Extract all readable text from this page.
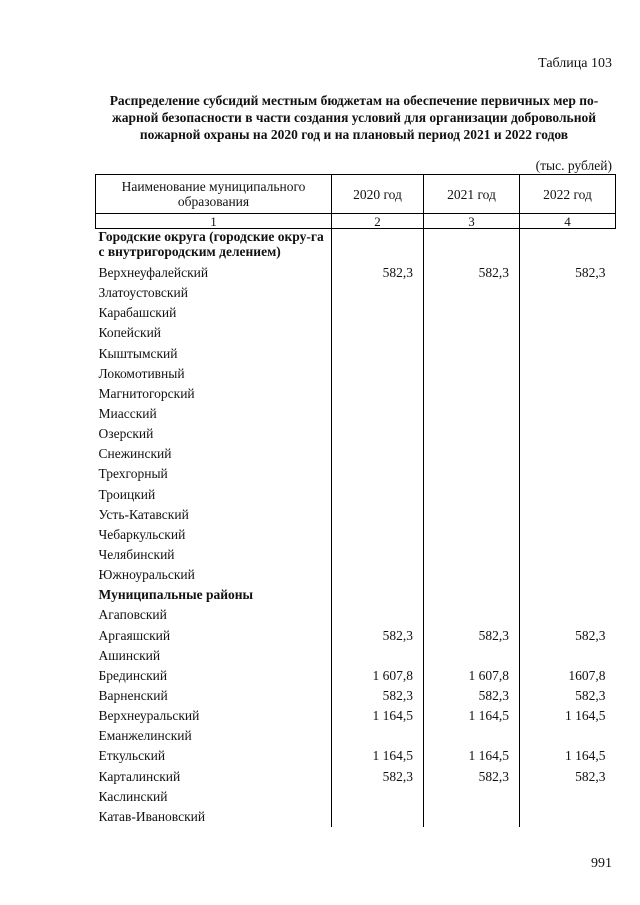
Таблица 103
Распределение субсидий местным бюджетам на обеспечение первичных мер по-жарной безопасности в части создания условий для организации добровольной пожарной охраны на 2020 год и на плановый период 2021 и 2022 годов
(тыс. рублей)
Наименование муниципального образования	2020 год	2021 год	2022 год
1	2	3	4
Городские округа (городские окру-га с внутригородским делением)			
Верхнеуфалейский	582,3	582,3	582,3
Златоустовский			
Карабашский			
Копейский			
Кыштымский			
Локомотивный			
Магнитогорский			
Миасский			
Озерский			
Снежинский			
Трехгорный			
Троицкий			
Усть-Катавский			
Чебаркульский			
Челябинский			
Южноуральский			
Муниципальные районы			
Агаповский			
Аргаяшский	582,3	582,3	582,3
Ашинский			
Брединский	1 607,8	1 607,8	1607,8
Варненский	582,3	582,3	582,3
Верхнеуральский	1 164,5	1 164,5	1 164,5
Еманжелинский			
Еткульский	1 164,5	1 164,5	1 164,5
Карталинский	582,3	582,3	582,3
Каслинский			
Катав-Ивановский			
991
